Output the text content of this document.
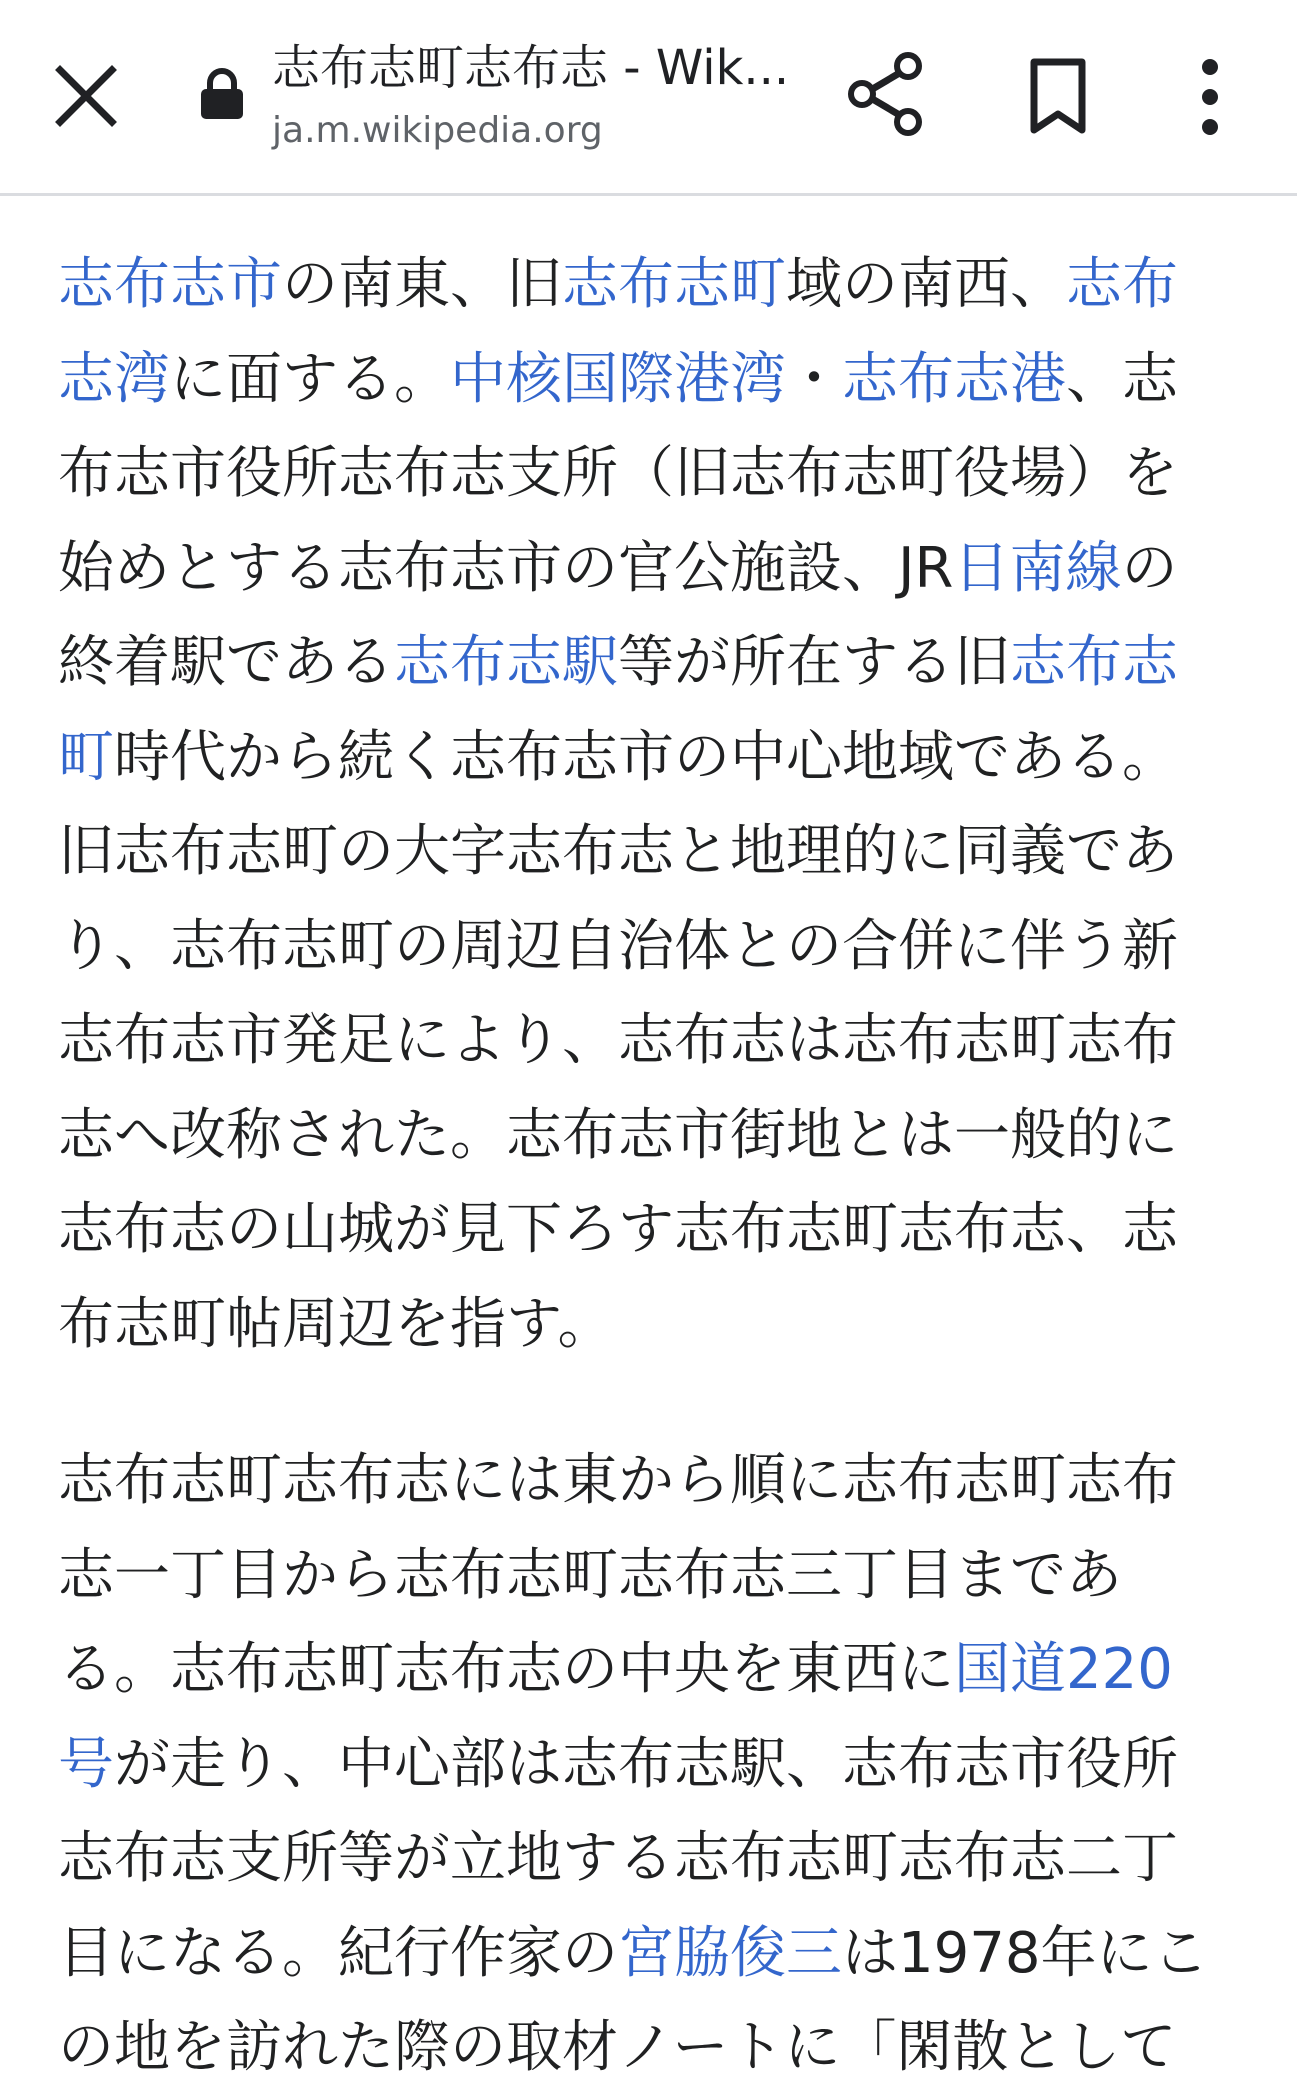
志布志町志布志 - Wik...
ja.m.wikipedia.org

志布志市の南東、旧志布志町域の南西、志布志湾に面する。中核国際港湾・志布志港、志布志市役所志布志支所（旧志布志町役場）を始めとする志布志市の官公施設、JR日南線の終着駅である志布志駅等が所在する旧志布志町時代から続く志布志市の中心地域である。旧志布志町の大字志布志と地理的に同義であり、志布志町の周辺自治体との合併に伴う新志布志市発足により、志布志は志布志町志布志へ改称された。志布志市街地とは一般的に志布志の山城が見下ろす志布志町志布志、志布志町帖周辺を指す。

志布志町志布志には東から順に志布志町志布志一丁目から志布志町志布志三丁目まである。志布志町志布志の中央を東西に国道220号が走り、中心部は志布志駅、志布志市役所志布志支所等が立地する志布志町志布志二丁目になる。紀行作家の宮脇俊三は1978年にこの地を訪れた際の取材ノートに「閑散として
